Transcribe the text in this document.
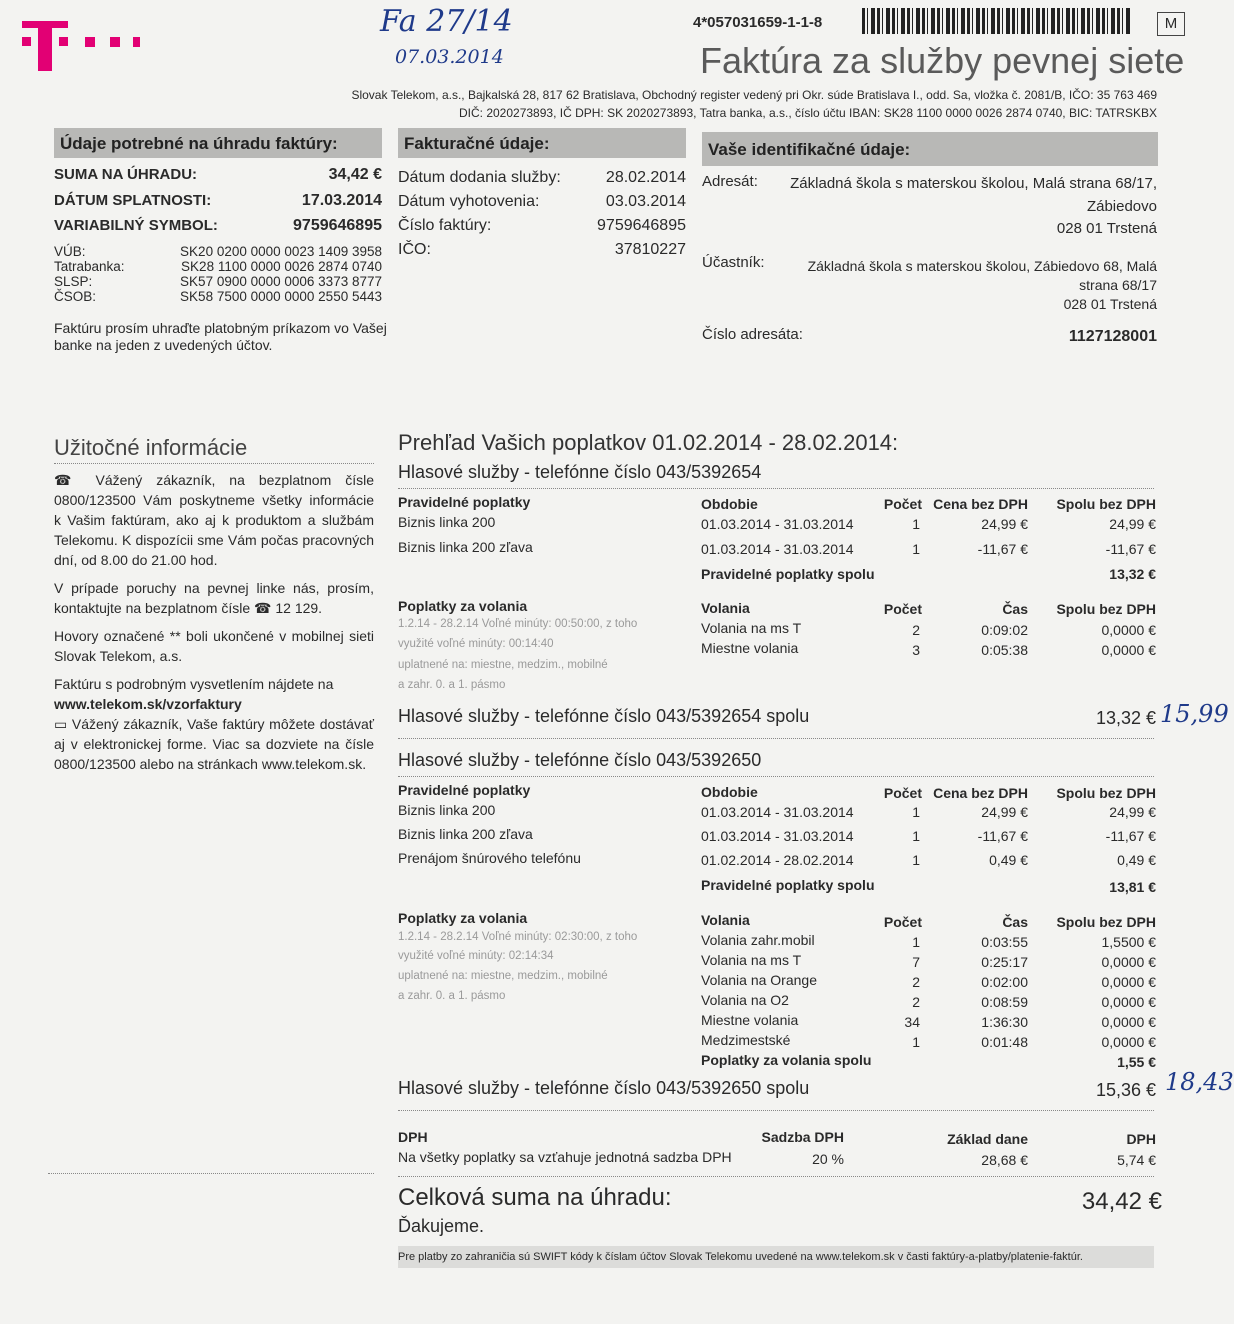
Fa 27/14
07.03.2014
15,99
18,43
4*057031659-1-1-8	M
Faktúra za služby pevnej siete
Slovak Telekom, a.s., Bajkalská 28, 817 62 Bratislava, Obchodný register vedený pri Okr. súde Bratislava I., odd. Sa, vložka č. 2081/B, IČO: 35 763 469
DIČ: 2020273893, IČ DPH: SK 2020273893, Tatra banka, a.s., číslo účtu IBAN: SK28 1100 0000 0026 2874 0740, BIC: TATRSKBX
Údaje potrebné na úhradu faktúry:
SUMA NA ÚHRADU:	34,42 €
DÁTUM SPLATNOSTI:	17.03.2014
VARIABILNÝ SYMBOL:	9759646895
VÚB:	SK20 0200 0000 0023 1409 3958
Tatrabanka:	SK28 1100 0000 0026 2874 0740
SLSP:	SK57 0900 0000 0006 3373 8777
ČSOB:	SK58 7500 0000 0000 2550 5443
Faktúru prosím uhraďte platobným príkazom vo Vašej
banke na jeden z uvedených účtov.
Fakturačné údaje:
Dátum dodania služby:	28.02.2014
Dátum vyhotovenia:	03.03.2014
Číslo faktúry:	9759646895
IČO:	37810227
Vaše identifikačné údaje:
Adresát: Základná škola s materskou školou, Malá strana 68/17,
Zábiedovo
028 01 Trstená
Účastník:	Základná škola s materskou školou, Zábiedovo 68, Malá
strana 68/17
028 01 Trstená
Číslo adresáta:	1127128001
Užitočné informácie
☎ Vážený zákazník, na bezplatnom čísle
0800/123500 Vám poskytneme všetky informácie
k Vašim faktúram, ako aj k produktom a službám
Telekomu. K dispozícii sme Vám počas pracovných
dní, od 8.00 do 21.00 hod.
V prípade poruchy na pevnej linke nás, prosím,
kontaktujte na bezplatnom čísle ☎ 12 129.
Hovory označené ** boli ukončené v mobilnej sieti
Slovak Telekom, a.s.
Faktúru s podrobným vysvetlením nájdete na
www.telekom.sk/vzorfaktury
▭ Vážený zákazník, Vaše faktúry môžete dostávať
aj v elektronickej forme. Viac sa dozviete na čísle
0800/123500 alebo na stránkach www.telekom.sk.
Prehľad Vašich poplatkov 01.02.2014 - 28.02.2014:
Hlasové služby - telefónne číslo 043/5392654
Pravidelné poplatky	Obdobie	Počet Cena bez DPH	Spolu bez DPH
Biznis linka 200	01.03.2014 - 31.03.2014	1	24,99 €	24,99 €
Biznis linka 200 zľava	01.03.2014 - 31.03.2014	1	-11,67 €	-11,67 €
Pravidelné poplatky spolu	13,32 €
Poplatky za volania
1.2.14 - 28.2.14 Voľné minúty: 00:50:00, z toho
využité voľné minúty: 00:14:40
uplatnené na: miestne, medzim., mobilné
a zahr. 0. a 1. pásmo
Volania	Počet	Čas	Spolu bez DPH
Volania na ms T	2	0:09:02	0,0000 €
Miestne volania	3	0:05:38	0,0000 €
Hlasové služby - telefónne číslo 043/5392654 spolu	13,32 €
Hlasové služby - telefónne číslo 043/5392650
Pravidelné poplatky	Obdobie	Počet Cena bez DPH	Spolu bez DPH
Biznis linka 200	01.03.2014 - 31.03.2014	1	24,99 €	24,99 €
Biznis linka 200 zľava	01.03.2014 - 31.03.2014	1	-11,67 €	-11,67 €
Prenájom šnúrového telefónu	01.02.2014 - 28.02.2014	1	0,49 €	0,49 €
Pravidelné poplatky spolu	13,81 €
Poplatky za volania
1.2.14 - 28.2.14 Voľné minúty: 02:30:00, z toho
využité voľné minúty: 02:14:34
uplatnené na: miestne, medzim., mobilné
a zahr. 0. a 1. pásmo
Volania	Počet	Čas	Spolu bez DPH
Volania zahr.mobil	1	0:03:55	1,5500 €
Volania na ms T	7	0:25:17	0,0000 €
Volania na Orange	2	0:02:00	0,0000 €
Volania na O2	2	0:08:59	0,0000 €
Miestne volania	34	1:36:30	0,0000 €
Medzimestské	1	0:01:48	0,0000 €
Poplatky za volania spolu	1,55 €
Hlasové služby - telefónne číslo 043/5392650 spolu	15,36 €
DPH	Sadzba DPH	Základ dane	DPH
Na všetky poplatky sa vzťahuje jednotná sadzba DPH	20 %	28,68 €	5,74 €
Celková suma na úhradu:	34,42 €
Ďakujeme.
Pre platby zo zahraničia sú SWIFT kódy k číslam účtov Slovak Telekomu uvedené na www.telekom.sk v časti faktúry-a-platby/platenie-faktúr.
